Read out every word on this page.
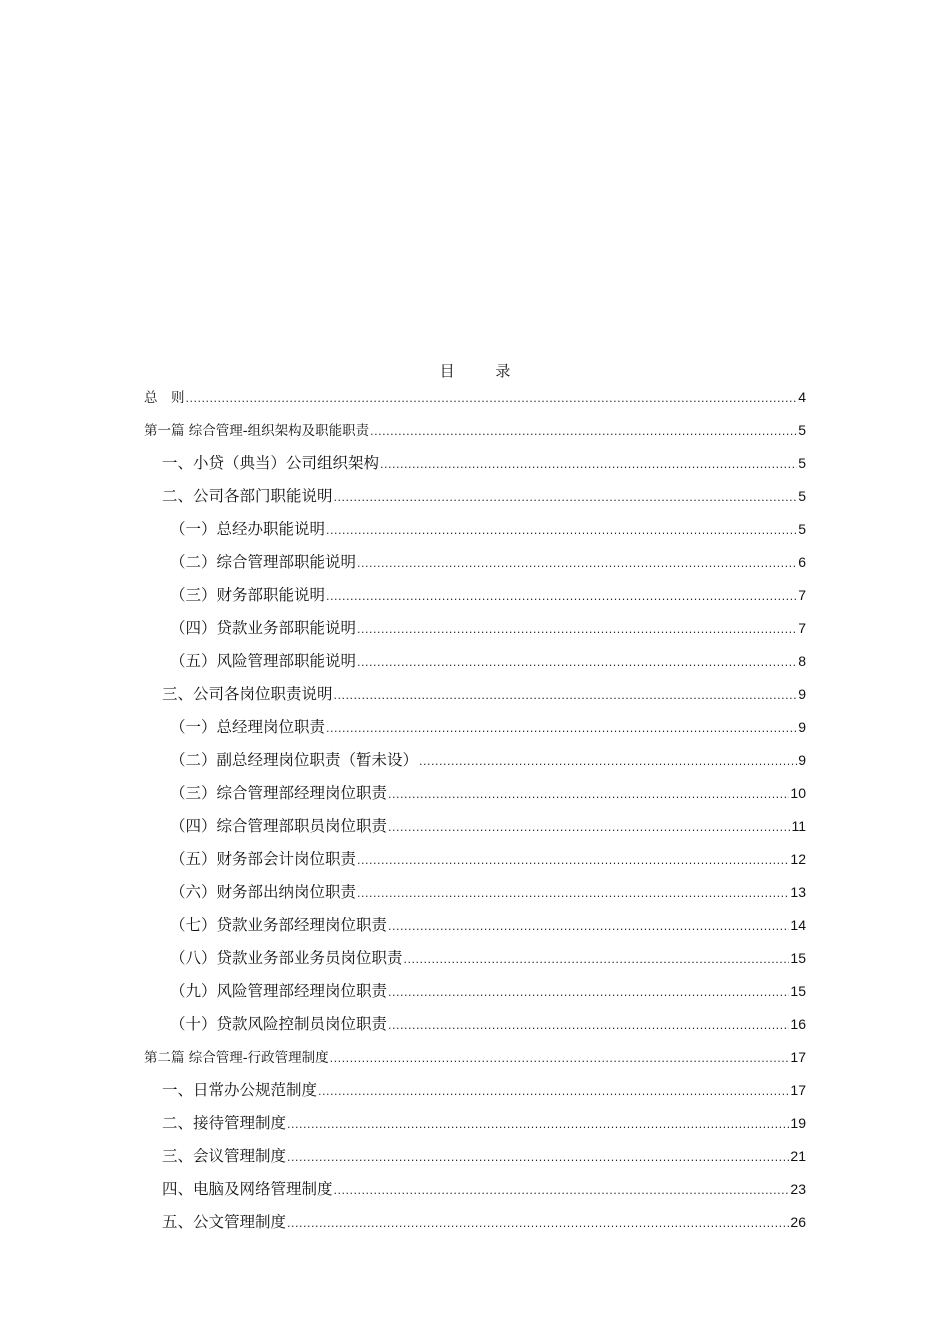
目 录
总　则 .....	4
第一篇 综合管理-组织架构及职能职责 .....	5
一、小贷（典当）公司组织架构 .....	5
二、公司各部门职能说明 .....	5
（一）总经办职能说明 .....	5
（二）综合管理部职能说明 .....	6
（三）财务部职能说明 .....	7
（四）贷款业务部职能说明 .....	7
（五）风险管理部职能说明 .....	8
三、公司各岗位职责说明 .....	9
（一）总经理岗位职责 .....	9
（二）副总经理岗位职责（暂未设） .....	9
（三）综合管理部经理岗位职责 .....	10
（四）综合管理部职员岗位职责 .....	11
（五）财务部会计岗位职责 .....	12
（六）财务部出纳岗位职责 .....	13
（七）贷款业务部经理岗位职责 .....	14
（八）贷款业务部业务员岗位职责 .....	15
（九）风险管理部经理岗位职责 .....	15
（十）贷款风险控制员岗位职责 .....	16
第二篇 综合管理-行政管理制度 .....	17
一、日常办公规范制度 .....	17
二、接待管理制度 .....	19
三、会议管理制度 .....	21
四、电脑及网络管理制度 .....	23
五、公文管理制度 .....	26
